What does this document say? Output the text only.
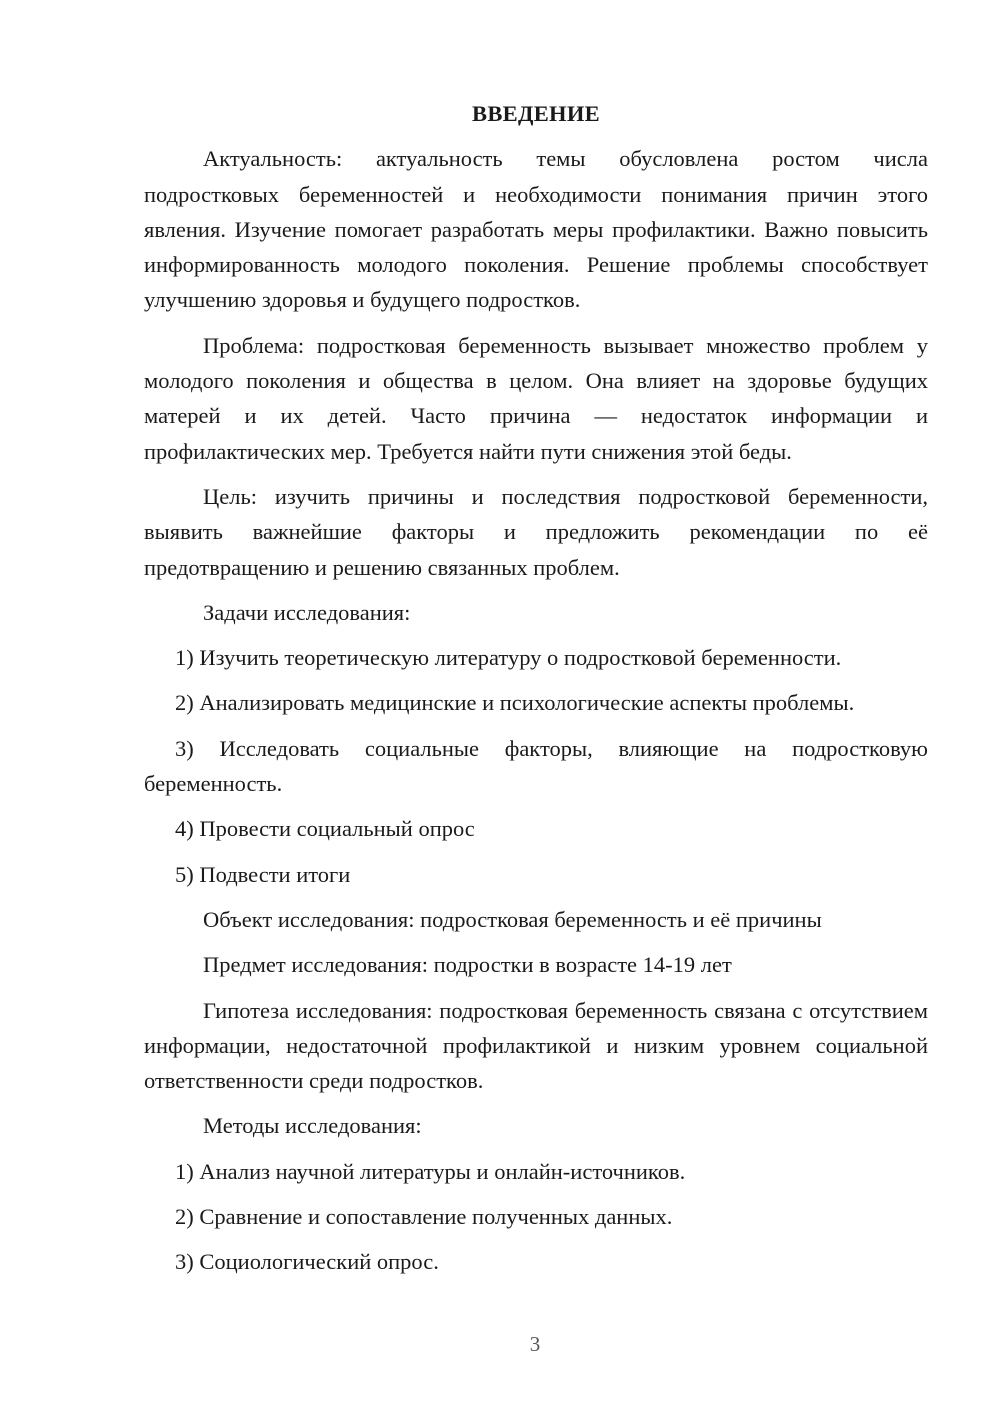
ВВЕДЕНИЕ
Актуальность: актуальность темы обусловлена ростом числа подростковых беременностей и необходимости понимания причин этого явления. Изучение помогает разработать меры профилактики. Важно повысить информированность молодого поколения. Решение проблемы способствует улучшению здоровья и будущего подростков.
Проблема: подростковая беременность вызывает множество проблем у молодого поколения и общества в целом. Она влияет на здоровье будущих матерей и их детей. Часто причина — недостаток информации и профилактических мер. Требуется найти пути снижения этой беды.
Цель: изучить причины и последствия подростковой беременности, выявить важнейшие факторы и предложить рекомендации по её предотвращению и решению связанных проблем.
Задачи исследования:
1) Изучить теоретическую литературу о подростковой беременности.
2) Анализировать медицинские и психологические аспекты проблемы.
3) Исследовать социальные факторы, влияющие на подростковую беременность.
4) Провести социальный опрос
5) Подвести итоги
Объект исследования: подростковая беременность и её причины
Предмет исследования: подростки в возрасте 14-19 лет
Гипотеза исследования: подростковая беременность связана с отсутствием информации, недостаточной профилактикой и низким уровнем социальной ответственности среди подростков.
Методы исследования:
1) Анализ научной литературы и онлайн-источников.
2) Сравнение и сопоставление полученных данных.
3) Социологический опрос.
3
